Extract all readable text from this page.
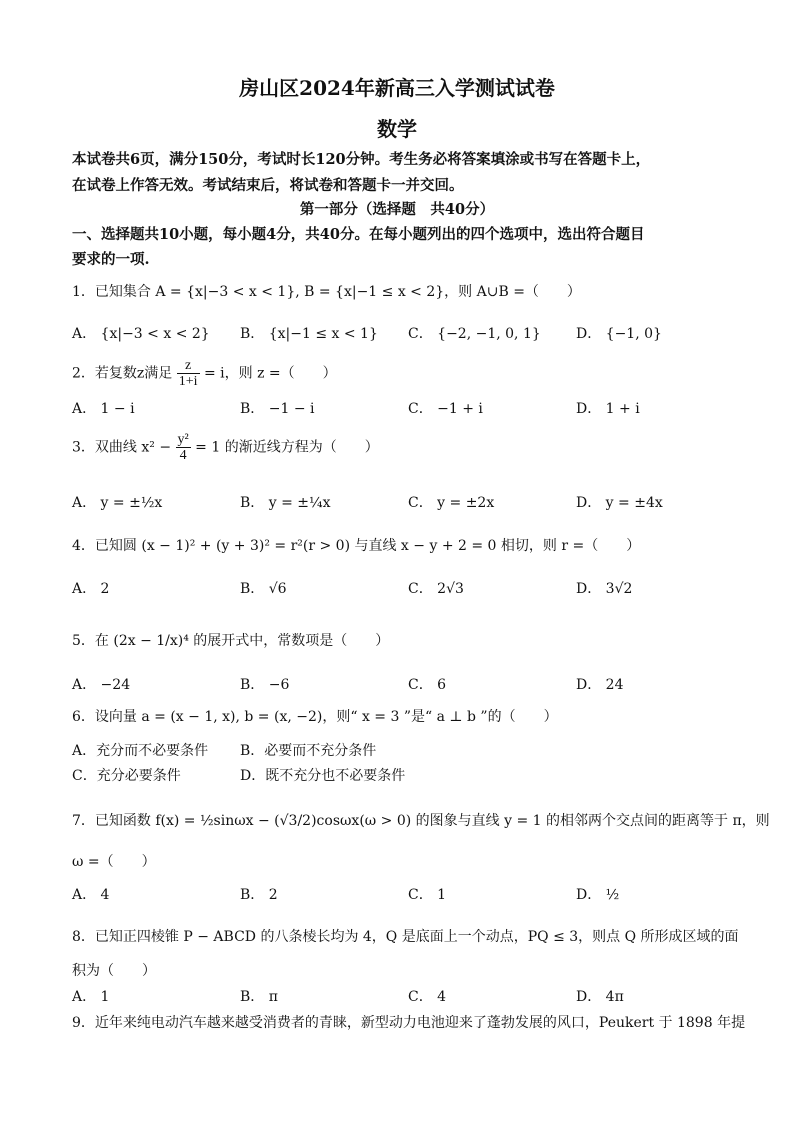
房山区2024年新高三入学测试试卷
数学
本试卷共6页，满分150分，考试时长120分钟。考生务必将答案填涂或书写在答题卡上，
在试卷上作答无效。考试结束后，将试卷和答题卡一并交回。
第一部分（选择题　共40分）
一、选择题共10小题，每小题4分，共40分。在每小题列出的四个选项中，选出符合题目
要求的一项.
1．已知集合 A = {x|−3 < x < 1}, B = {x|−1 ≤ x < 2}，则 A∪B =（　　）
A． {x|−3 < x < 2} B． {x|−1 ≤ x < 1} C． {−2, −1, 0, 1}	D． {−1, 0}
2．若复数z满足 $\frac{z}{1+i} = i$，则 z =（　　）
A． 1 − i	B． −1 − i	C． −1 + i	D． 1 + i
3．双曲线 $x^2 - \frac{\text{y²}}{4} = 1$ 的渐近线方程为（　　）
A． y = ±½x	B． y = ±¼x	C． y = ±2x	D． y = ±4x
4．已知圆 (x − 1)² + (y + 3)² = r²(r > 0) 与直线 x − y + 2 = 0 相切，则 r =（　　）
A． 2	B． √6	C． 2√3	D． 3√2
5．在 (2x − 1/x)⁴ 的展开式中，常数项是（　　）
A． −24	B． −6	C． 6	D． 24
6．设向量 a = (x − 1, x), b = (x, −2)，则“ x = 3 ”是“ a ⊥ b ”的（　　）
A．充分而不必要条件 B．必要而不充分条件
C．充分必要条件	D．既不充分也不必要条件
7．已知函数 f(x) = ½sinωx − (√3/2)cosωx(ω > 0) 的图象与直线 y = 1 的相邻两个交点间的距离等于 π，则
ω =（　　）
A． 4	B． 2	C． 1	D． ½
8．已知正四棱锥 P − ABCD 的八条棱长均为 4，Q 是底面上一个动点，PQ ≤ 3，则点 Q 所形成区域的面
积为（　　）
A． 1	B． π	C． 4	D． 4π
9．近年来纯电动汽车越来越受消费者的青睐，新型动力电池迎来了蓬勃发展的风口，Peukert 于 1898 年提
